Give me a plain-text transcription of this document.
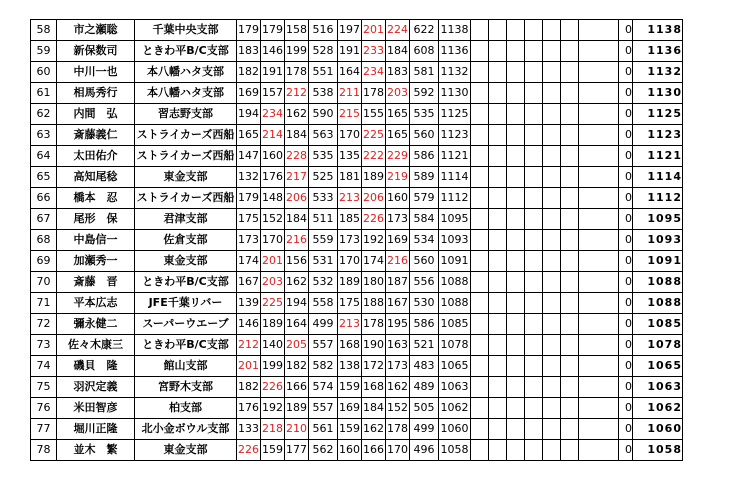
58	市之瀬聡	千葉中央支部	179	179	158	516	197	201	224	622	1138								0	1138
59	新保数司	ときわ平B/C支部	183	146	199	528	191	233	184	608	1136								0	1136
60	中川一也	本八幡ハタ支部	182	191	178	551	164	234	183	581	1132								0	1132
61	相馬秀行	本八幡ハタ支部	169	157	212	538	211	178	203	592	1130								0	1130
62	内間　弘	習志野支部	194	234	162	590	215	155	165	535	1125								0	1125
63	斎藤義仁	ストライカーズ西船	165	214	184	563	170	225	165	560	1123								0	1123
64	太田佑介	ストライカーズ西船	147	160	228	535	135	222	229	586	1121								0	1121
65	高知尾稔	東金支部	132	176	217	525	181	189	219	589	1114								0	1114
66	橋本　忍	ストライカーズ西船	179	148	206	533	213	206	160	579	1112								0	1112
67	尾形　保	君津支部	175	152	184	511	185	226	173	584	1095								0	1095
68	中島信一	佐倉支部	173	170	216	559	173	192	169	534	1093								0	1093
69	加瀬秀一	東金支部	174	201	156	531	170	174	216	560	1091								0	1091
70	斎藤　晋	ときわ平B/C支部	167	203	162	532	189	180	187	556	1088								0	1088
71	平本広志	JFE千葉リバー	139	225	194	558	175	188	167	530	1088								0	1088
72	彌永健二	スーパーウエーブ	146	189	164	499	213	178	195	586	1085								0	1085
73	佐々木康三	ときわ平B/C支部	212	140	205	557	168	190	163	521	1078								0	1078
74	磯貝　隆	館山支部	201	199	182	582	138	172	173	483	1065								0	1065
75	羽沢定義	宮野木支部	182	226	166	574	159	168	162	489	1063								0	1063
76	米田智彦	柏支部	176	192	189	557	169	184	152	505	1062								0	1062
77	堀川正隆	北小金ボウル支部	133	218	210	561	159	162	178	499	1060								0	1060
78	並木　繁	東金支部	226	159	177	562	160	166	170	496	1058								0	1058
